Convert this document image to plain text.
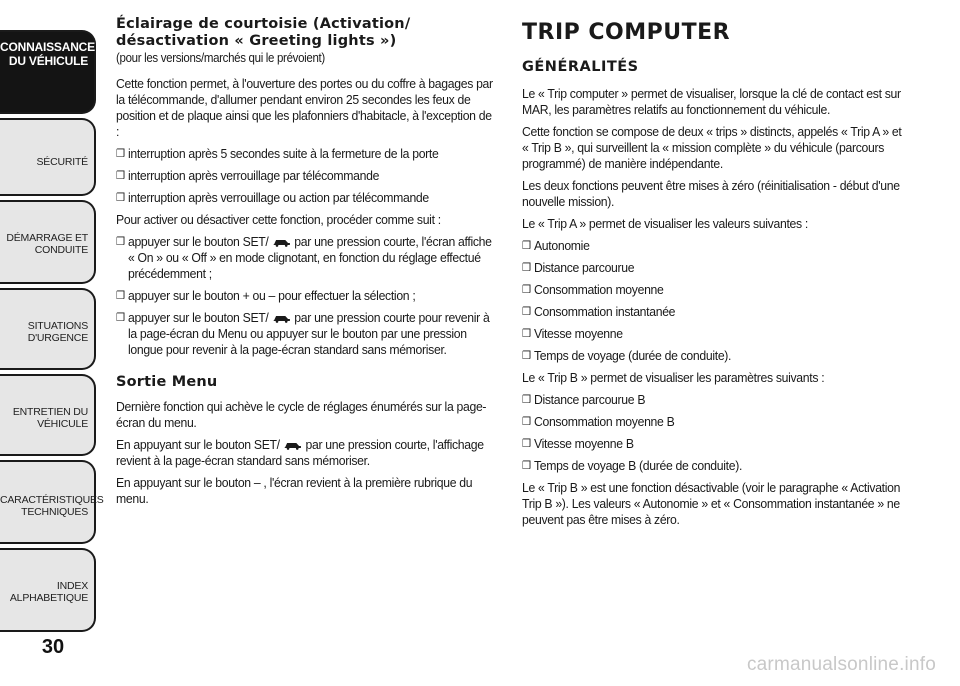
CONNAISSANCE
DU VÉHICULE
SÉCURITÉ
DÉMARRAGE ET
CONDUITE
SITUATIONS
D'URGENCE
ENTRETIEN DU
VÉHICULE
CARACTÉRISTIQUES
TECHNIQUES
INDEX
ALPHABETIQUE
30
Éclairage de courtoisie (Activation/
désactivation « Greeting lights »)

(pour les versions/marchés qui le prévoient)

Cette fonction permet, à l'ouverture des portes ou du coffre à bagages par la télécommande, d'allumer pendant environ 25 secondes les feux de position et de plaque ainsi que les plafonniers d'habitacle, à l'exception de :

❒ interruption après 5 secondes suite à la fermeture de la porte

❒ interruption après verrouillage par télécommande

❒ interruption après verrouillage ou action par télécommande

Pour activer ou désactiver cette fonction, procéder comme suit :

❒ appuyer sur le bouton SET/ par une pression courte, l'écran affiche « On » ou « Off » en mode clignotant, en fonction du réglage effectué précédemment ;

❒ appuyer sur le bouton + ou – pour effectuer la sélection ;

❒ appuyer sur le bouton SET/ par une pression courte pour revenir à la page-écran du Menu ou appuyer sur le bouton par une pression longue pour revenir à la page-écran standard sans mémoriser.

Sortie Menu

Dernière fonction qui achève le cycle de réglages énumérés sur la page-écran du menu.

En appuyant sur le bouton SET/ par une pression courte, l'affichage revient à la page-écran standard sans mémoriser.

En appuyant sur le bouton – , l'écran revient à la première rubrique du menu.

TRIP COMPUTER
GÉNÉRALITÉS

Le « Trip computer » permet de visualiser, lorsque la clé de contact est sur MAR, les paramètres relatifs au fonctionnement du véhicule.

Cette fonction se compose de deux « trips » distincts, appelés « Trip A » et « Trip B », qui surveillent la « mission complète » du véhicule (parcours programmé) de manière indépendante.

Les deux fonctions peuvent être mises à zéro (réinitialisation - début d'une nouvelle mission).

Le « Trip A » permet de visualiser les valeurs suivantes :

❒ Autonomie

❒ Distance parcourue

❒ Consommation moyenne

❒ Consommation instantanée

❒ Vitesse moyenne

❒ Temps de voyage (durée de conduite).

Le « Trip B » permet de visualiser les paramètres suivants :

❒ Distance parcourue B

❒ Consommation moyenne B

❒ Vitesse moyenne B

❒ Temps de voyage B (durée de conduite).

Le « Trip B » est une fonction désactivable (voir le paragraphe « Activation Trip B »). Les valeurs « Autonomie » et « Consommation instantanée » ne peuvent pas être mises à zéro.

carmanualsonline.info
